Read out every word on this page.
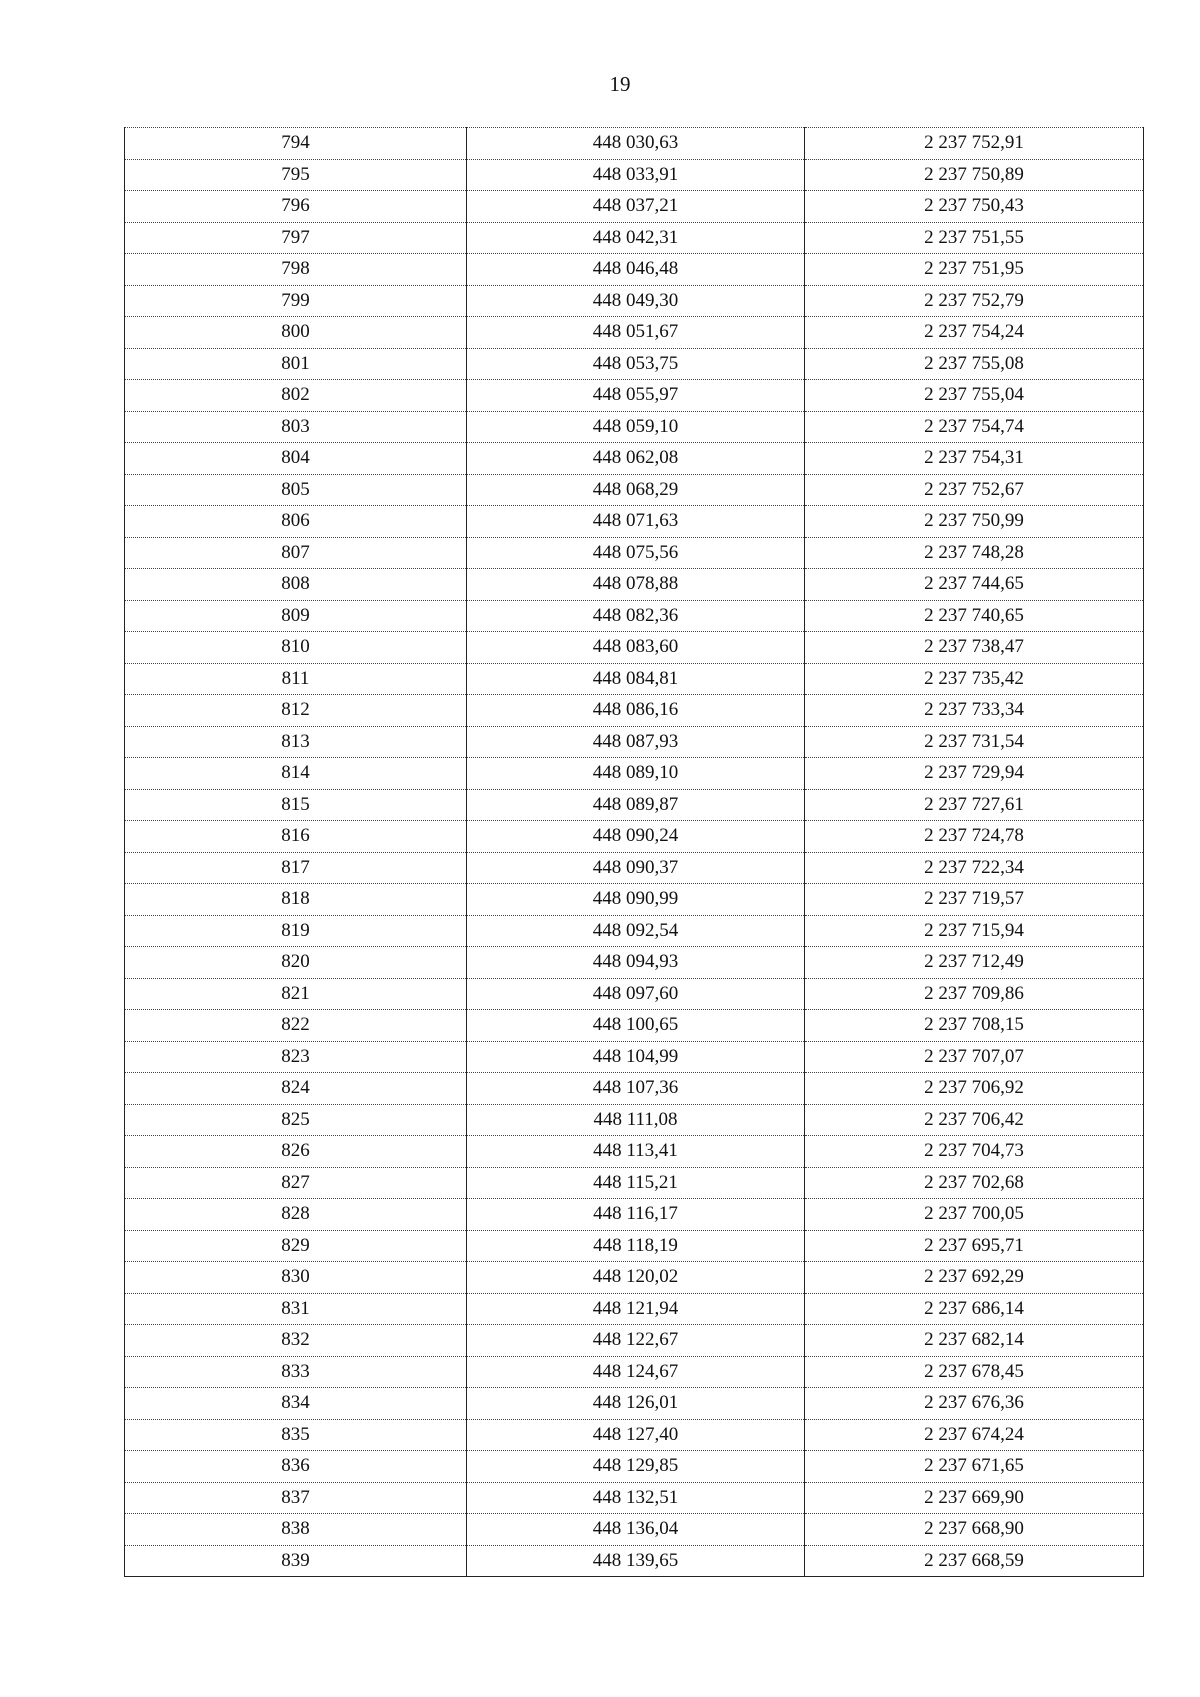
19
794	448 030,63	2 237 752,91
795	448 033,91	2 237 750,89
796	448 037,21	2 237 750,43
797	448 042,31	2 237 751,55
798	448 046,48	2 237 751,95
799	448 049,30	2 237 752,79
800	448 051,67	2 237 754,24
801	448 053,75	2 237 755,08
802	448 055,97	2 237 755,04
803	448 059,10	2 237 754,74
804	448 062,08	2 237 754,31
805	448 068,29	2 237 752,67
806	448 071,63	2 237 750,99
807	448 075,56	2 237 748,28
808	448 078,88	2 237 744,65
809	448 082,36	2 237 740,65
810	448 083,60	2 237 738,47
811	448 084,81	2 237 735,42
812	448 086,16	2 237 733,34
813	448 087,93	2 237 731,54
814	448 089,10	2 237 729,94
815	448 089,87	2 237 727,61
816	448 090,24	2 237 724,78
817	448 090,37	2 237 722,34
818	448 090,99	2 237 719,57
819	448 092,54	2 237 715,94
820	448 094,93	2 237 712,49
821	448 097,60	2 237 709,86
822	448 100,65	2 237 708,15
823	448 104,99	2 237 707,07
824	448 107,36	2 237 706,92
825	448 111,08	2 237 706,42
826	448 113,41	2 237 704,73
827	448 115,21	2 237 702,68
828	448 116,17	2 237 700,05
829	448 118,19	2 237 695,71
830	448 120,02	2 237 692,29
831	448 121,94	2 237 686,14
832	448 122,67	2 237 682,14
833	448 124,67	2 237 678,45
834	448 126,01	2 237 676,36
835	448 127,40	2 237 674,24
836	448 129,85	2 237 671,65
837	448 132,51	2 237 669,90
838	448 136,04	2 237 668,90
839	448 139,65	2 237 668,59
